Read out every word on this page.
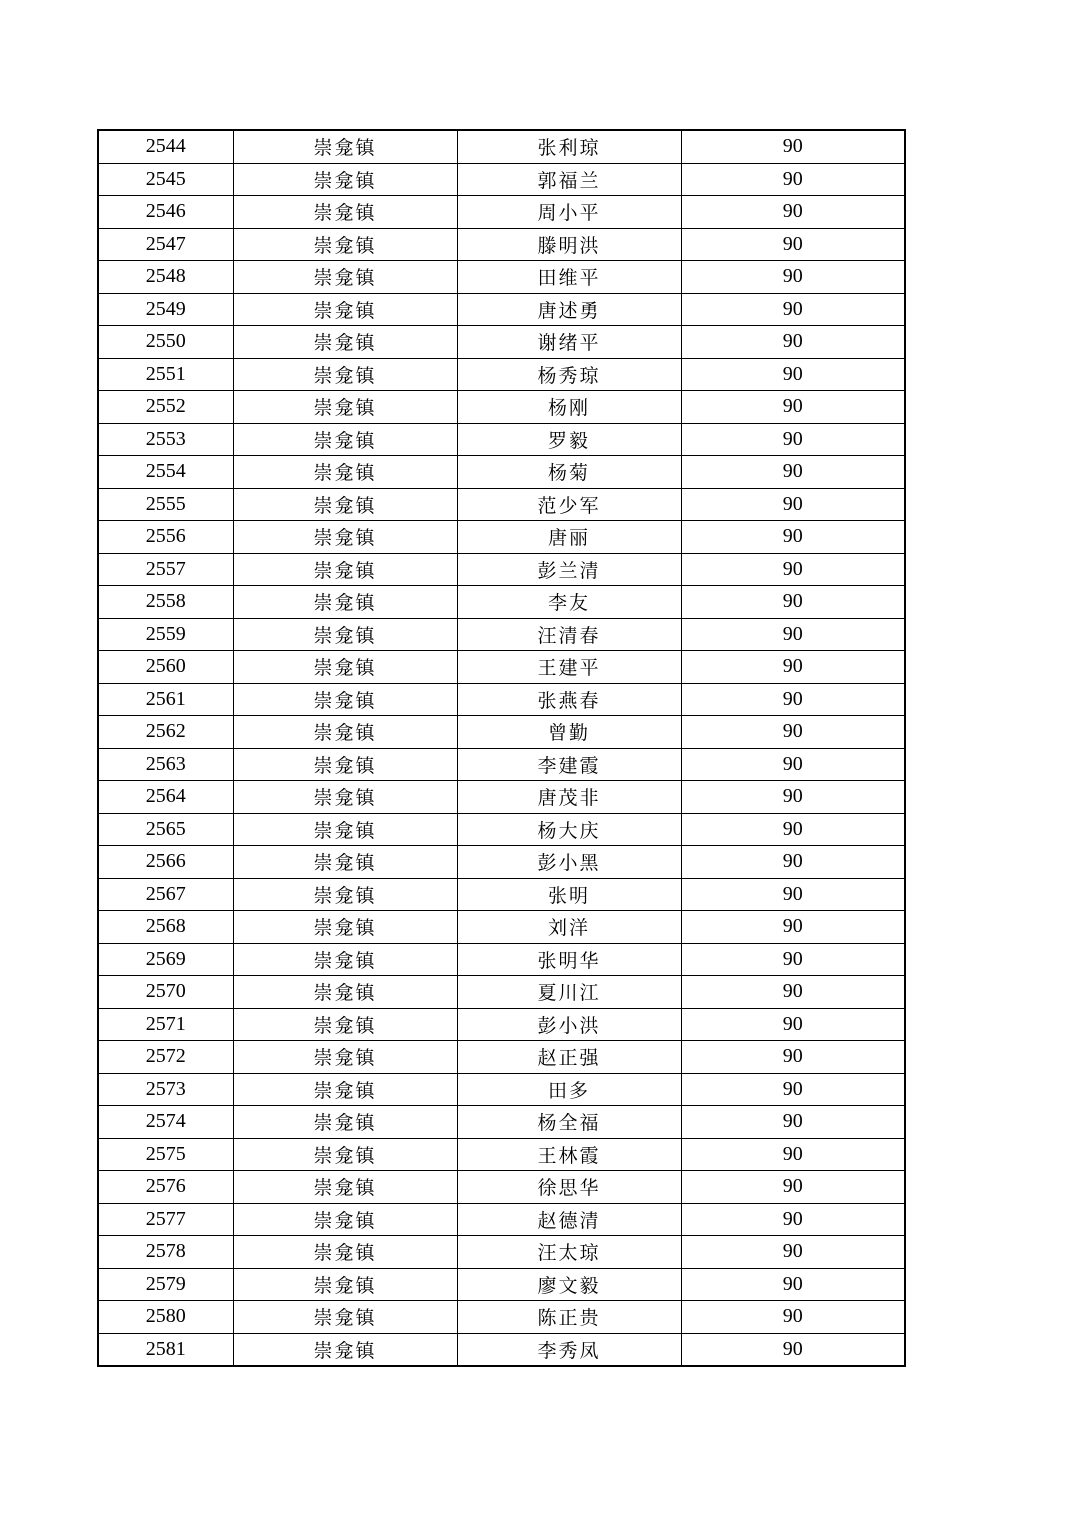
2544	崇龛镇	张利琼	90
2545	崇龛镇	郭福兰	90
2546	崇龛镇	周小平	90
2547	崇龛镇	滕明洪	90
2548	崇龛镇	田维平	90
2549	崇龛镇	唐述勇	90
2550	崇龛镇	谢绪平	90
2551	崇龛镇	杨秀琼	90
2552	崇龛镇	杨刚	90
2553	崇龛镇	罗毅	90
2554	崇龛镇	杨菊	90
2555	崇龛镇	范少军	90
2556	崇龛镇	唐丽	90
2557	崇龛镇	彭兰清	90
2558	崇龛镇	李友	90
2559	崇龛镇	汪清春	90
2560	崇龛镇	王建平	90
2561	崇龛镇	张燕春	90
2562	崇龛镇	曾勤	90
2563	崇龛镇	李建霞	90
2564	崇龛镇	唐茂非	90
2565	崇龛镇	杨大庆	90
2566	崇龛镇	彭小黑	90
2567	崇龛镇	张明	90
2568	崇龛镇	刘洋	90
2569	崇龛镇	张明华	90
2570	崇龛镇	夏川江	90
2571	崇龛镇	彭小洪	90
2572	崇龛镇	赵正强	90
2573	崇龛镇	田多	90
2574	崇龛镇	杨全福	90
2575	崇龛镇	王林霞	90
2576	崇龛镇	徐思华	90
2577	崇龛镇	赵德清	90
2578	崇龛镇	汪太琼	90
2579	崇龛镇	廖文毅	90
2580	崇龛镇	陈正贵	90
2581	崇龛镇	李秀凤	90
